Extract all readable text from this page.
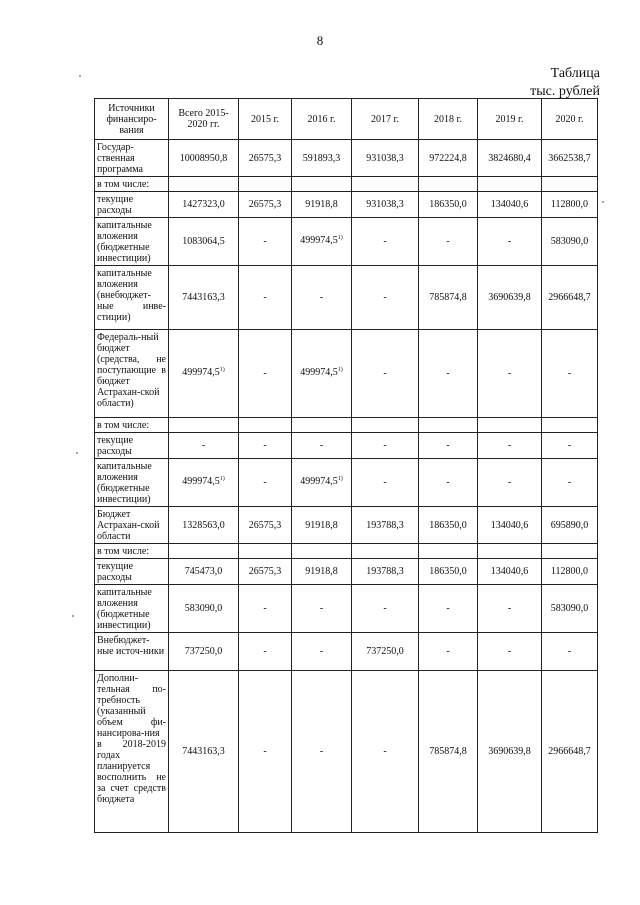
8
Таблица
тыс. рублей
Источники финансиро-вания	Всего 2015-2020 гг.	2015 г.	2016 г.	2017 г.	2018 г.	2019 г.	2020 г.
Государ-ственная программа	10008950,8	26575,3	591893,3	931038,3	972224,8	3824680,4	3662538,7
в том числе:							
текущие расходы	1427323,0	26575,3	91918,8	931038,3	186350,0	134040,6	112800,0
капитальные вложения (бюджетные инвестиции)	1083064,5	-	499974,5$^{1)}$	-	-	-	583090,0
капитальные вложения (внебюджет-ные инве-стиции)	7443163,3	-	-	-	785874,8	3690639,8	2966648,7
Федераль-ный бюджет (средства, не поступающие в бюджет Астрахан-ской области)	499974,5$^{1)}$	-	499974,5$^{1)}$	-	-	-	-
в том числе:							
текущие расходы	-	-	-	-	-	-	-
капитальные вложения (бюджетные инвестиции)	499974,5$^{1)}$	-	499974,5$^{1)}$	-	-	-	-
Бюджет Астрахан-ской области	1328563,0	26575,3	91918,8	193788,3	186350,0	134040,6	695890,0
в том числе:							
текущие расходы	745473,0	26575,3	91918,8	193788,3	186350,0	134040,6	112800,0
капитальные вложения (бюджетные инвестиции)	583090,0	-	-	-	-	-	583090,0
Внебюджет-ные источ-ники	737250,0	-	-	737250,0	-	-	-
Дополни-тельная по-требность (указанный объем фи-нансирова-ния в 2018-2019 годах планируется восполнить не за счет средств бюджета	7443163,3	-	-	-	785874,8	3690639,8	2966648,7
